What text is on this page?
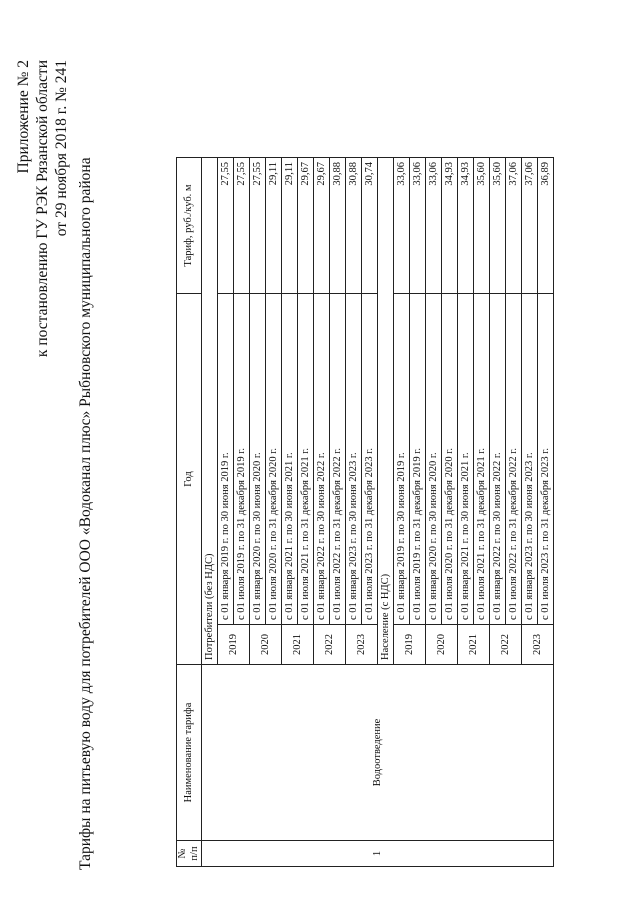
Приложение № 2 к постановлению ГУ РЭК Рязанской области от 29 ноября 2018 г. № 241
Тарифы на питьевую воду для потребителей ООО «Водоканал плюс» Рыбновского муниципального района	№ п/п	Наименование тарифа	Год		Тариф, руб./куб. м
1	Водоотведение	Потребители (без НДС)		
		2019	с 01 января 2019 г. по 30 июня 2019 г.	27,55
			с 01 июля 2019 г. по 31 декабря 2019 г.	27,55
		2020	с 01 января 2020 г. по 30 июня 2020 г.	27,55
			с 01 июля 2020 г. по 31 декабря 2020 г.	29,11
		2021	с 01 января 2021 г. по 30 июня 2021 г.	29,11
			с 01 июля 2021 г. по 31 декабря 2021 г.	29,67
		2022	с 01 января 2022 г. по 30 июня 2022 г.	29,67
			с 01 июля 2022 г. по 31 декабря 2022 г.	30,88
		2023	с 01 января 2023 г. по 30 июня 2023 г.	30,88
			с 01 июля 2023 г. по 31 декабря 2023 г.	30,74
		Население (с НДС)		
		2019	с 01 января 2019 г. по 30 июня 2019 г.	33,06
			с 01 июля 2019 г. по 31 декабря 2019 г.	33,06
		2020	с 01 января 2020 г. по 30 июня 2020 г.	33,06
			с 01 июля 2020 г. по 31 декабря 2020 г.	34,93
		2021	с 01 января 2021 г. по 30 июня 2021 г.	34,93
			с 01 июля 2021 г. по 31 декабря 2021 г.	35,60
		2022	с 01 января 2022 г. по 30 июня 2022 г.	35,60
			с 01 июля 2022 г. по 31 декабря 2022 г.	37,06
		2023	с 01 января 2023 г. по 30 июня 2023 г.	37,06
			с 01 июля 2023 г. по 31 декабря 2023 г.	36,89
